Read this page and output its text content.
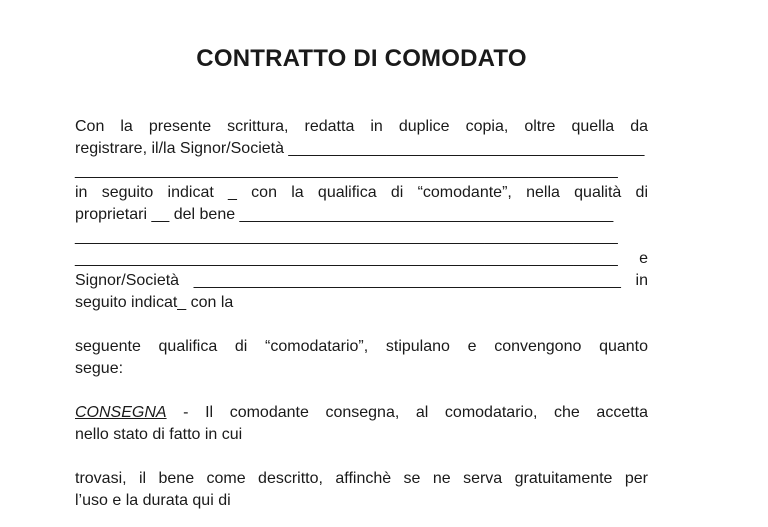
CONTRATTO DI COMODATO
Con la presente scrittura, redatta in duplice copia, oltre quella da
registrare, il/la Signor/Società ________________________________________
_____________________________________________________________
in seguito indicat _ con la qualifica di “comodante”, nella qualità di
proprietari __ del bene __________________________________________
_____________________________________________________________
_____________________________________________________________ e
Signor/Società ________________________________________________ in
seguito indicat_ con la
seguente qualifica di “comodatario”, stipulano e convengono quanto
segue:
CONSEGNA - Il comodante consegna, al comodatario, che accetta
nello stato di fatto in cui
trovasi, il bene come descritto, affinchè se ne serva gratuitamente per
l’uso e la durata qui di
